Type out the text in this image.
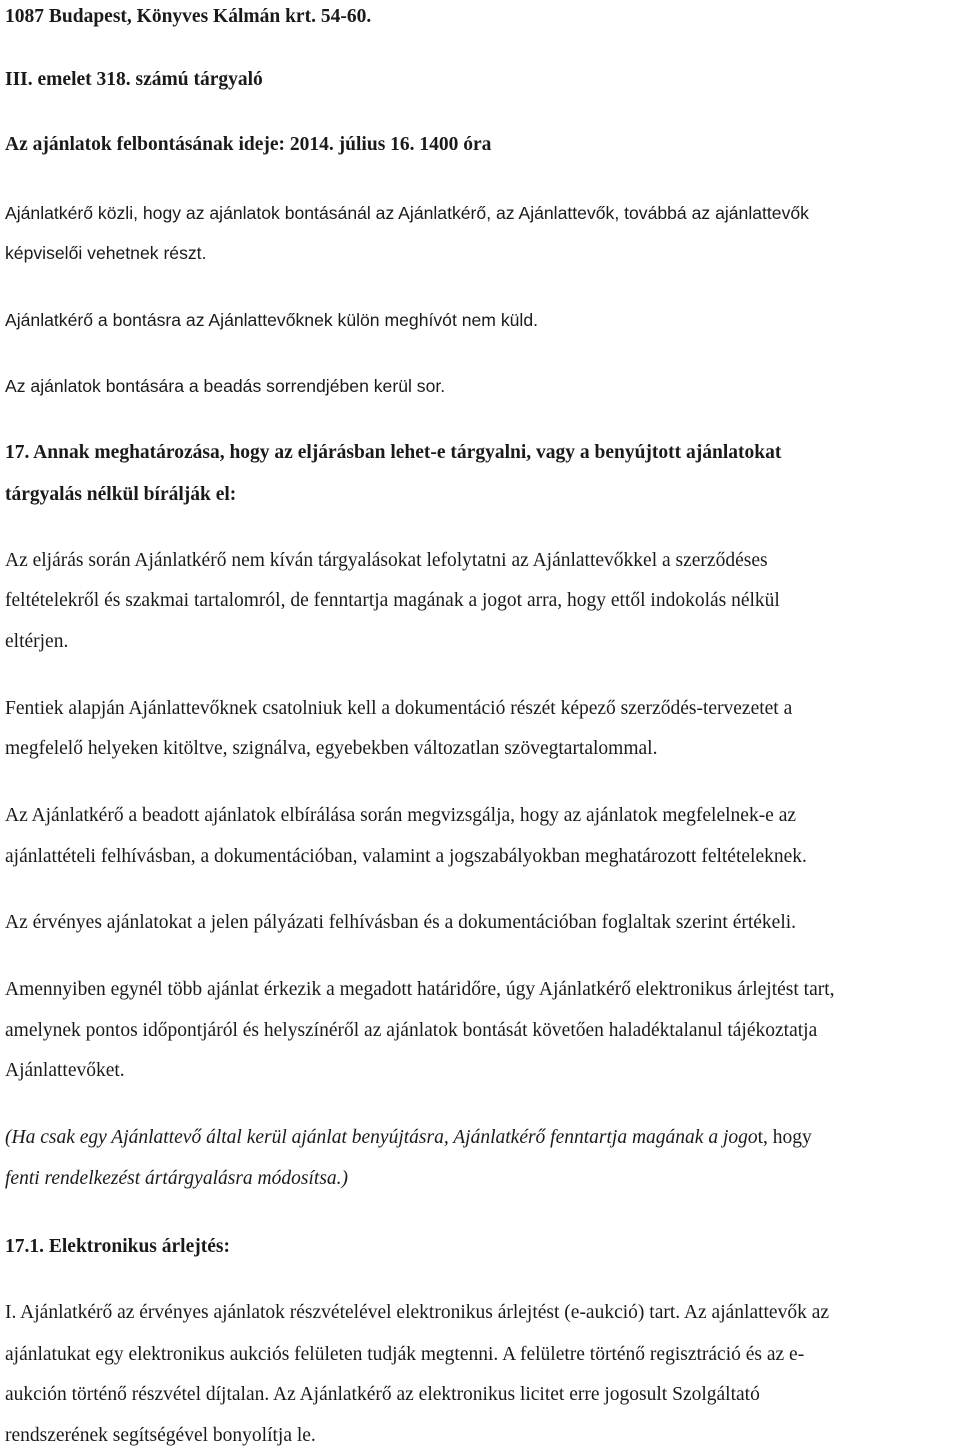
1087 Budapest, Könyves Kálmán krt. 54-60.

III. emelet 318. számú tárgyaló

Az ajánlatok felbontásának ideje: 2014. július 16. 1400 óra

Ajánlatkérő közli, hogy az ajánlatok bontásánál az Ajánlatkérő, az Ajánlattevők, továbbá az ajánlattevők

képviselői vehetnek részt.

Ajánlatkérő a bontásra az Ajánlattevőknek külön meghívót nem küld.

Az ajánlatok bontására a beadás sorrendjében kerül sor.

17. Annak meghatározása, hogy az eljárásban lehet-e tárgyalni, vagy a benyújtott ajánlatokat

tárgyalás nélkül bírálják el:

Az eljárás során Ajánlatkérő nem kíván tárgyalásokat lefolytatni az Ajánlattevőkkel a szerződéses

feltételekről és szakmai tartalomról, de fenntartja magának a jogot arra, hogy ettől indokolás nélkül

eltérjen.

Fentiek alapján Ajánlattevőknek csatolniuk kell a dokumentáció részét képező szerződés-tervezetet a

megfelelő helyeken kitöltve, szignálva, egyebekben változatlan szövegtartalommal.

Az Ajánlatkérő a beadott ajánlatok elbírálása során megvizsgálja, hogy az ajánlatok megfelelnek-e az

ajánlattételi felhívásban, a dokumentációban, valamint a jogszabályokban meghatározott feltételeknek.

Az érvényes ajánlatokat a jelen pályázati felhívásban és a dokumentációban foglaltak szerint értékeli.

Amennyiben egynél több ajánlat érkezik a megadott határidőre, úgy Ajánlatkérő elektronikus árlejtést tart,

amelynek pontos időpontjáról és helyszínéről az ajánlatok bontását követően haladéktalanul tájékoztatja

Ajánlattevőket.

(Ha csak egy Ajánlattevő által kerül ajánlat benyújtásra, Ajánlatkérő fenntartja magának a jogot, hogy

fenti rendelkezést ártárgyalásra módosítsa.)

17.1. Elektronikus árlejtés:

I. Ajánlatkérő az érvényes ajánlatok részvételével elektronikus árlejtést (e-aukció) tart. Az ajánlattevők az

ajánlatukat egy elektronikus aukciós felületen tudják megtenni. A felületre történő regisztráció és az e-

aukción történő részvétel díjtalan. Az Ajánlatkérő az elektronikus licitet erre jogosult Szolgáltató

rendszerének segítségével bonyolítja le.
